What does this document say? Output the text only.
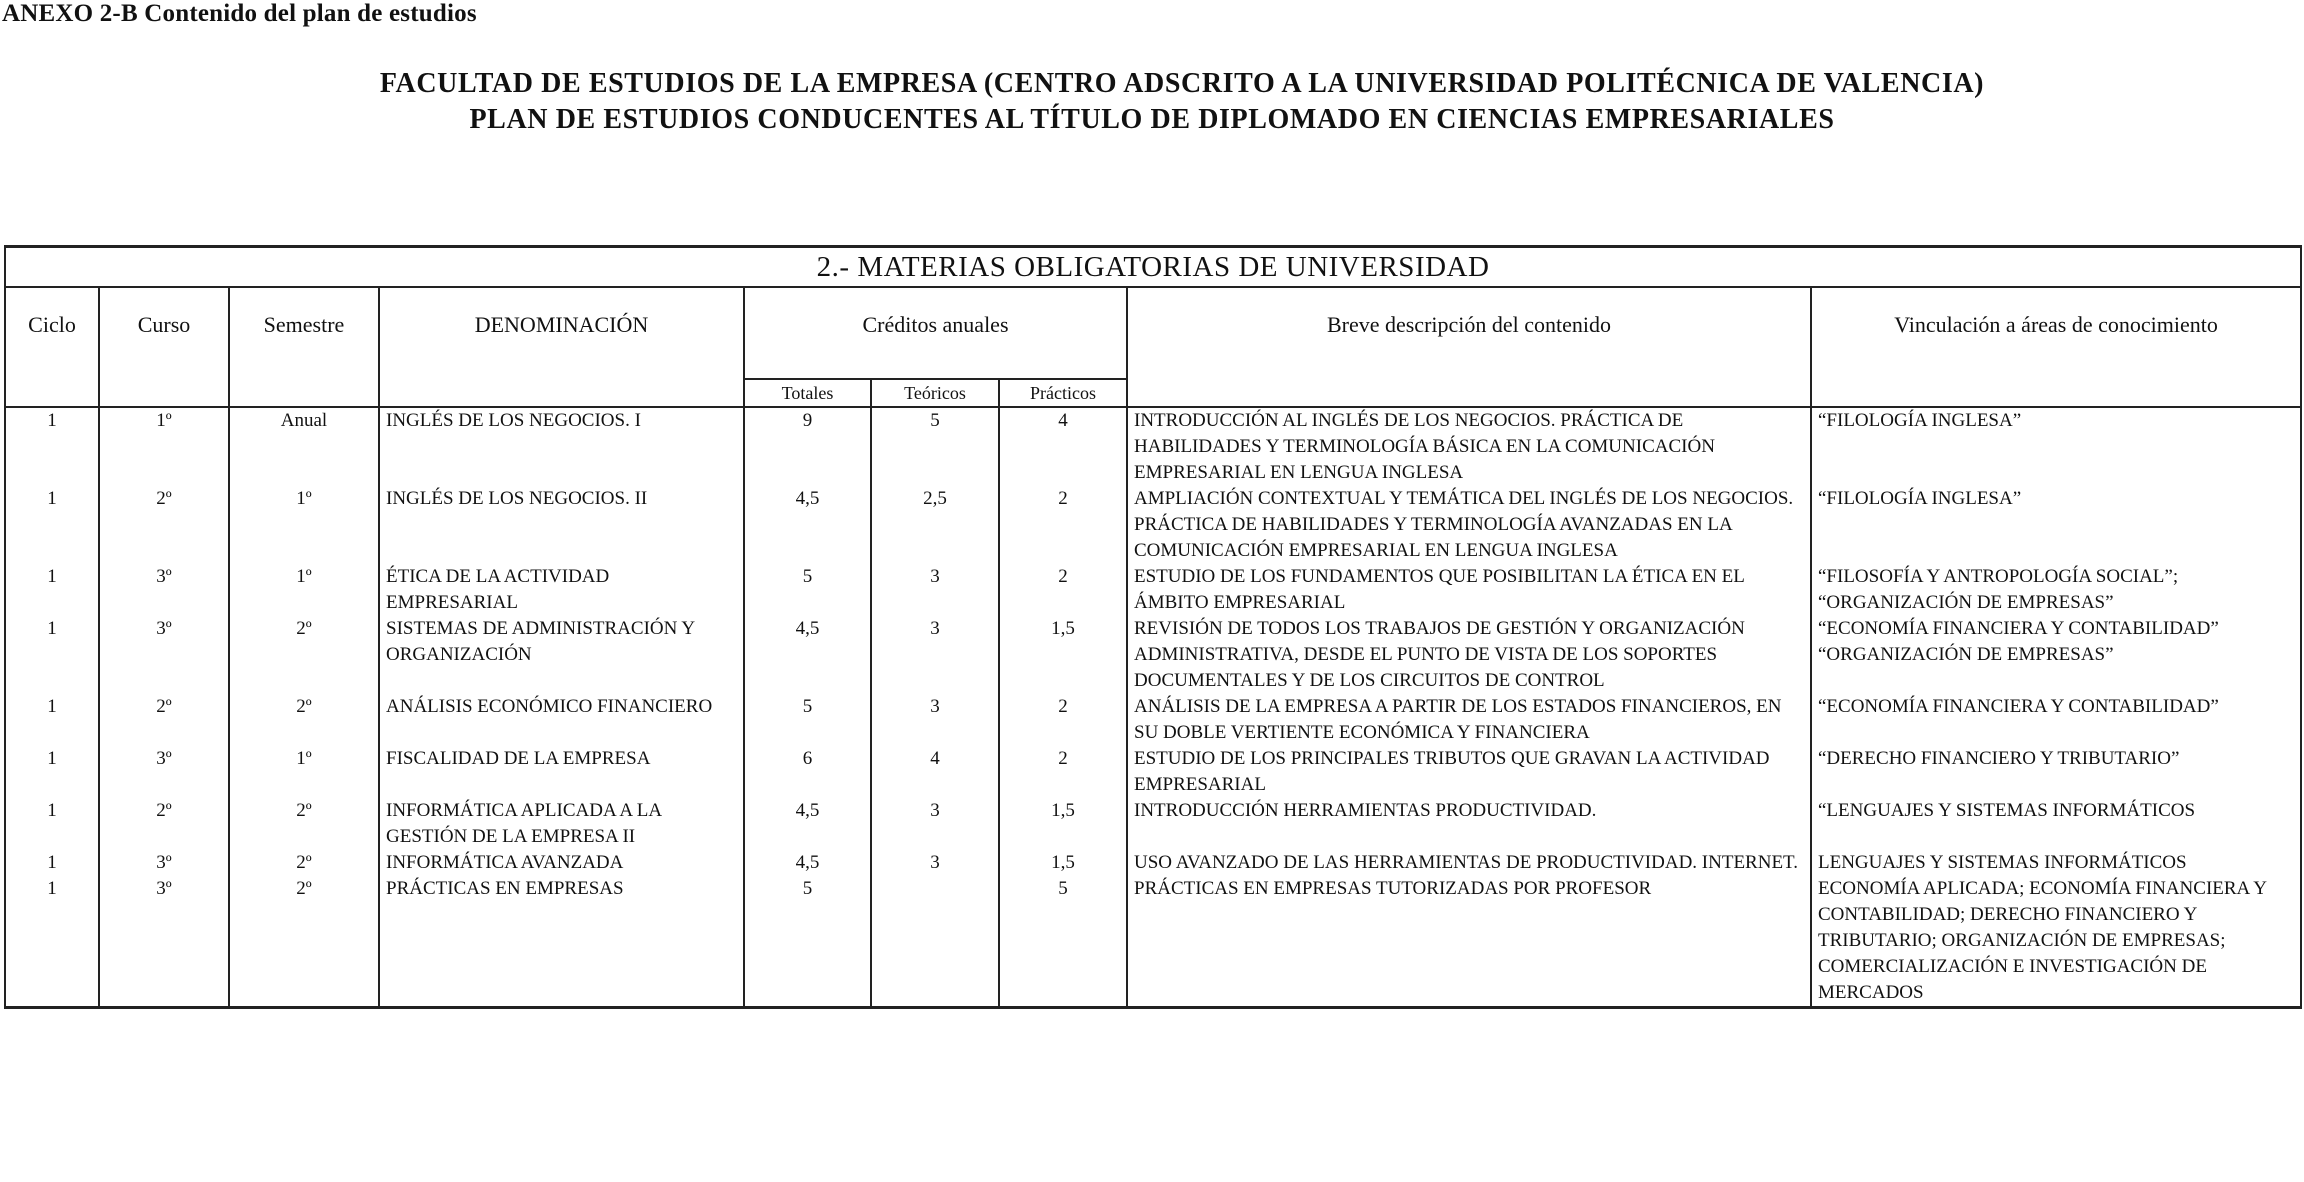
ANEXO 2-B Contenido del plan de estudios
FACULTAD DE ESTUDIOS DE LA EMPRESA (CENTRO ADSCRITO A LA UNIVERSIDAD POLITÉCNICA DE VALENCIA)
PLAN DE ESTUDIOS CONDUCENTES AL TÍTULO DE DIPLOMADO EN CIENCIAS EMPRESARIALES
2.- MATERIAS OBLIGATORIAS DE UNIVERSIDAD								
Ciclo	Curso	Semestre	DENOMINACIÓN	Créditos anuales			Breve descripción del contenido	Vinculación a áreas de conocimiento
				Totales	Teóricos	Prácticos		
1	1º	Anual	INGLÉS DE LOS NEGOCIOS. I	9	5	4	INTRODUCCIÓN AL INGLÉS DE LOS NEGOCIOS. PRÁCTICA DE HABILIDADES Y TERMINOLOGÍA BÁSICA EN LA COMUNICACIÓN EMPRESARIAL EN LENGUA INGLESA	“FILOLOGÍA INGLESA”
1	2º	1º	INGLÉS DE LOS NEGOCIOS. II	4,5	2,5	2	AMPLIACIÓN CONTEXTUAL Y TEMÁTICA DEL INGLÉS DE LOS NEGOCIOS. PRÁCTICA DE HABILIDADES Y TERMINOLOGÍA AVANZADAS EN LA COMUNICACIÓN EMPRESARIAL EN LENGUA INGLESA	“FILOLOGÍA INGLESA”
1	3º	1º	ÉTICA DE LA ACTIVIDAD EMPRESARIAL	5	3	2	ESTUDIO DE LOS FUNDAMENTOS QUE POSIBILITAN LA ÉTICA EN EL ÁMBITO EMPRESARIAL	“FILOSOFÍA Y ANTROPOLOGÍA SOCIAL”; “ORGANIZACIÓN DE EMPRESAS”
1	3º	2º	SISTEMAS DE ADMINISTRACIÓN Y ORGANIZACIÓN	4,5	3	1,5	REVISIÓN DE TODOS LOS TRABAJOS DE GESTIÓN Y ORGANIZACIÓN ADMINISTRATIVA, DESDE EL PUNTO DE VISTA DE LOS SOPORTES DOCUMENTALES Y DE LOS CIRCUITOS DE CONTROL	“ECONOMÍA FINANCIERA Y CONTABILIDAD” “ORGANIZACIÓN DE EMPRESAS”
1	2º	2º	ANÁLISIS ECONÓMICO FINANCIERO	5	3	2	ANÁLISIS DE LA EMPRESA A PARTIR DE LOS ESTADOS FINANCIEROS, EN SU DOBLE VERTIENTE ECONÓMICA Y FINANCIERA	“ECONOMÍA FINANCIERA Y CONTABILIDAD”
1	3º	1º	FISCALIDAD DE LA EMPRESA	6	4	2	ESTUDIO DE LOS PRINCIPALES TRIBUTOS QUE GRAVAN LA ACTIVIDAD EMPRESARIAL	“DERECHO FINANCIERO Y TRIBUTARIO”
1	2º	2º	INFORMÁTICA APLICADA A LA GESTIÓN DE LA EMPRESA II	4,5	3	1,5	INTRODUCCIÓN HERRAMIENTAS PRODUCTIVIDAD.	“LENGUAJES Y SISTEMAS INFORMÁTICOS
1	3º	2º	INFORMÁTICA AVANZADA	4,5	3	1,5	USO AVANZADO DE LAS HERRAMIENTAS DE PRODUCTIVIDAD. INTERNET.	LENGUAJES Y SISTEMAS INFORMÁTICOS
1	3º	2º	PRÁCTICAS EN EMPRESAS	5		5	PRÁCTICAS EN EMPRESAS TUTORIZADAS POR PROFESOR	ECONOMÍA APLICADA; ECONOMÍA FINANCIERA Y CONTABILIDAD; DERECHO FINANCIERO Y TRIBUTARIO; ORGANIZACIÓN DE EMPRESAS; COMERCIALIZACIÓN E INVESTIGACIÓN DE MERCADOS
